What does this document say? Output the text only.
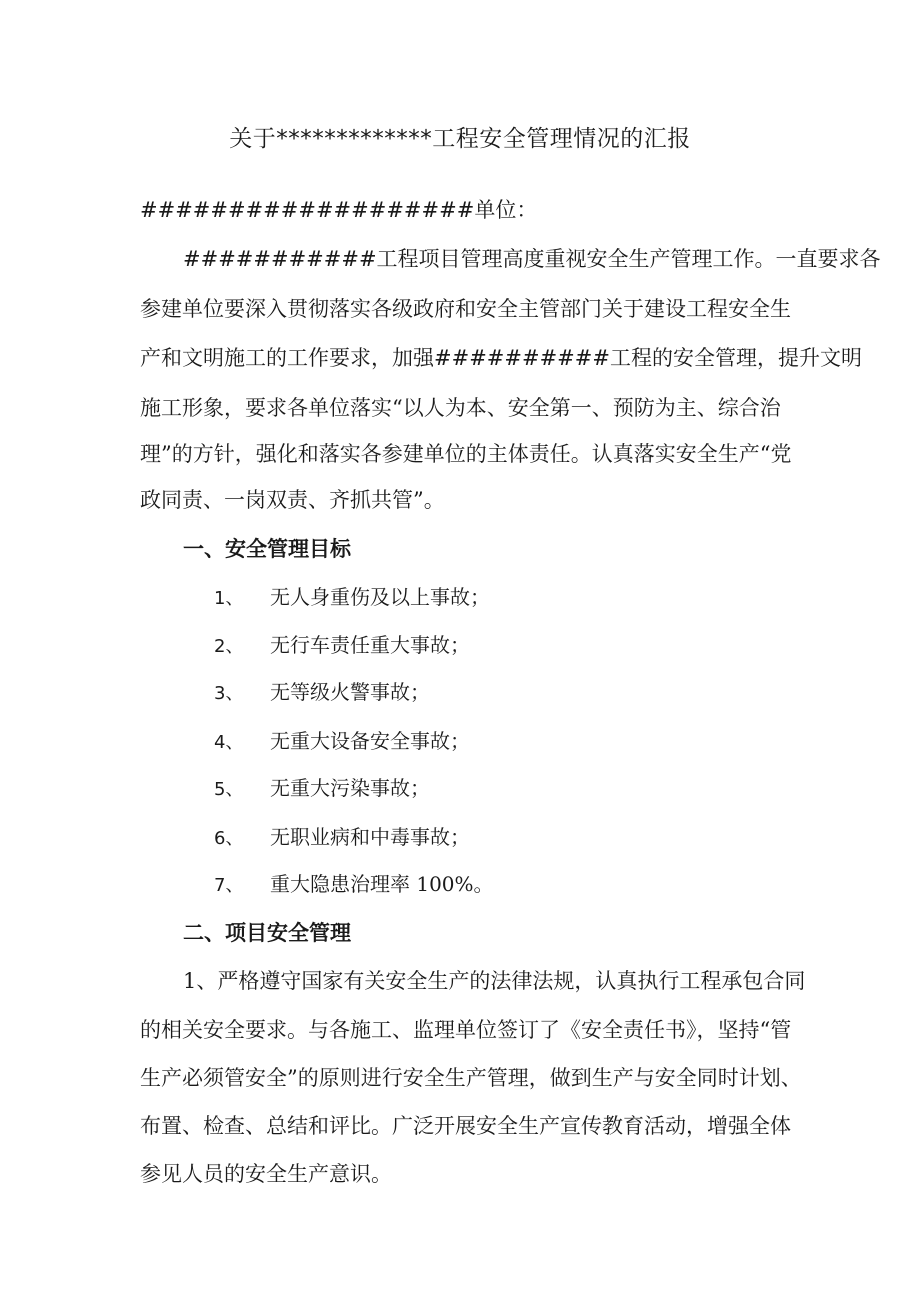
关于*************工程安全管理情况的汇报

###################单位：

###########工程项目管理高度重视安全生产管理工作。一直要求各

参建单位要深入贯彻落实各级政府和安全主管部门关于建设工程安全生

产和文明施工的工作要求，加强##########工程的安全管理，提升文明

施工形象，要求各单位落实“以人为本、安全第一、预防为主、综合治

理”的方针，强化和落实各参建单位的主体责任。认真落实安全生产“党

政同责、一岗双责、齐抓共管”。

一、安全管理目标

1、 无人身重伤及以上事故；
2、 无行车责任重大事故；
3、 无等级火警事故；
4、 无重大设备安全事故；
5、 无重大污染事故；
6、 无职业病和中毒事故；
7、 重大隐患治理率 100%。

二、项目安全管理

1、严格遵守国家有关安全生产的法律法规，认真执行工程承包合同

的相关安全要求。与各施工、监理单位签订了《安全责任书》，坚持“管

生产必须管安全”的原则进行安全生产管理，做到生产与安全同时计划、

布置、检查、总结和评比。广泛开展安全生产宣传教育活动，增强全体

参见人员的安全生产意识。
